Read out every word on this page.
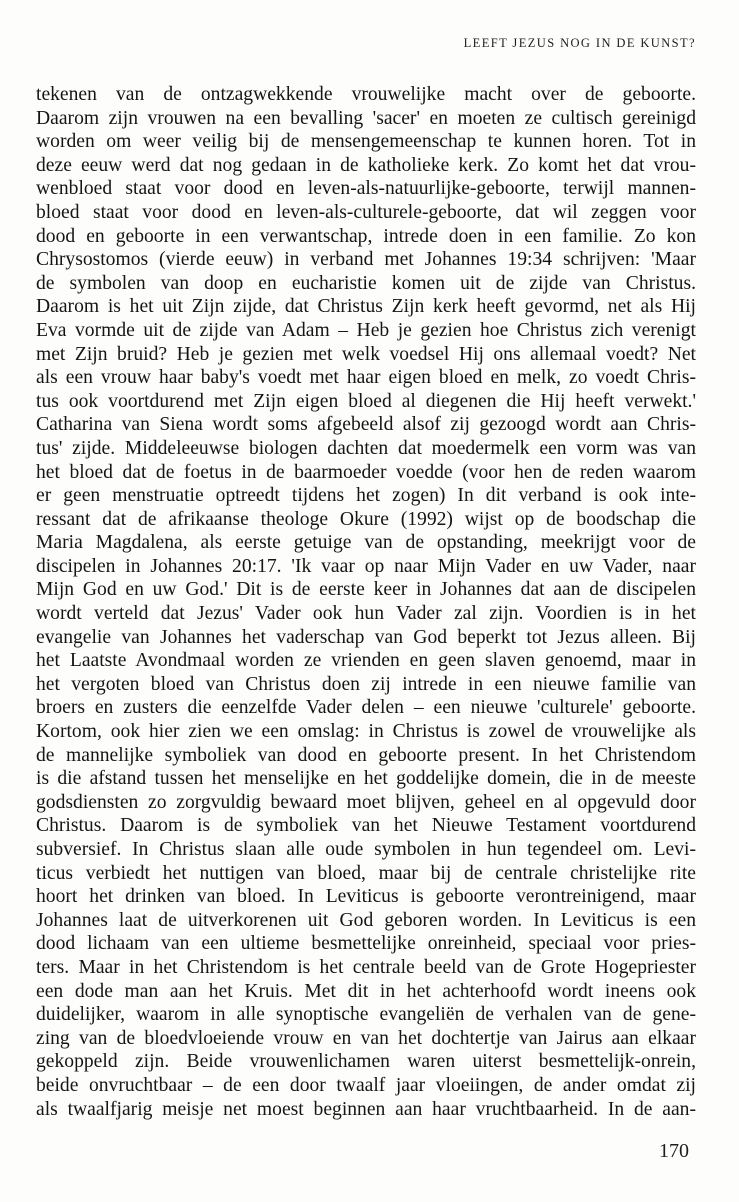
LEEFT JEZUS NOG IN DE KUNST?
tekenen van de ontzagwekkende vrouwelijke macht over de geboorte.
Daarom zijn vrouwen na een bevalling 'sacer' en moeten ze cultisch gereinigd
worden om weer veilig bij de mensengemeenschap te kunnen horen. Tot in
deze eeuw werd dat nog gedaan in de katholieke kerk. Zo komt het dat vrou-
wenbloed staat voor dood en leven-als-natuurlijke-geboorte, terwijl mannen-
bloed staat voor dood en leven-als-culturele-geboorte, dat wil zeggen voor
dood en geboorte in een verwantschap, intrede doen in een familie. Zo kon
Chrysostomos (vierde eeuw) in verband met Johannes 19:34 schrijven: 'Maar
de symbolen van doop en eucharistie komen uit de zijde van Christus.
Daarom is het uit Zijn zijde, dat Christus Zijn kerk heeft gevormd, net als Hij
Eva vormde uit de zijde van Adam – Heb je gezien hoe Christus zich verenigt
met Zijn bruid? Heb je gezien met welk voedsel Hij ons allemaal voedt? Net
als een vrouw haar baby's voedt met haar eigen bloed en melk, zo voedt Chris-
tus ook voortdurend met Zijn eigen bloed al diegenen die Hij heeft verwekt.'
Catharina van Siena wordt soms afgebeeld alsof zij gezoogd wordt aan Chris-
tus' zijde. Middeleeuwse biologen dachten dat moedermelk een vorm was van
het bloed dat de foetus in de baarmoeder voedde (voor hen de reden waarom
er geen menstruatie optreedt tijdens het zogen) In dit verband is ook inte-
ressant dat de afrikaanse theologe Okure (1992) wijst op de boodschap die
Maria Magdalena, als eerste getuige van de opstanding, meekrijgt voor de
discipelen in Johannes 20:17. 'Ik vaar op naar Mijn Vader en uw Vader, naar
Mijn God en uw God.' Dit is de eerste keer in Johannes dat aan de discipelen
wordt verteld dat Jezus' Vader ook hun Vader zal zijn. Voordien is in het
evangelie van Johannes het vaderschap van God beperkt tot Jezus alleen. Bij
het Laatste Avondmaal worden ze vrienden en geen slaven genoemd, maar in
het vergoten bloed van Christus doen zij intrede in een nieuwe familie van
broers en zusters die eenzelfde Vader delen – een nieuwe 'culturele' geboorte.
Kortom, ook hier zien we een omslag: in Christus is zowel de vrouwelijke als
de mannelijke symboliek van dood en geboorte present. In het Christendom
is die afstand tussen het menselijke en het goddelijke domein, die in de meeste
godsdiensten zo zorgvuldig bewaard moet blijven, geheel en al opgevuld door
Christus. Daarom is de symboliek van het Nieuwe Testament voortdurend
subversief. In Christus slaan alle oude symbolen in hun tegendeel om. Levi-
ticus verbiedt het nuttigen van bloed, maar bij de centrale christelijke rite
hoort het drinken van bloed. In Leviticus is geboorte verontreinigend, maar
Johannes laat de uitverkorenen uit God geboren worden. In Leviticus is een
dood lichaam van een ultieme besmettelijke onreinheid, speciaal voor pries-
ters. Maar in het Christendom is het centrale beeld van de Grote Hogepriester
een dode man aan het Kruis. Met dit in het achterhoofd wordt ineens ook
duidelijker, waarom in alle synoptische evangeliën de verhalen van de gene-
zing van de bloedvloeiende vrouw en van het dochtertje van Jairus aan elkaar
gekoppeld zijn. Beide vrouwenlichamen waren uiterst besmettelijk-onrein,
beide onvruchtbaar – de een door twaalf jaar vloeiingen, de ander omdat zij
als twaalfjarig meisje net moest beginnen aan haar vruchtbaarheid. In de aan-
170
